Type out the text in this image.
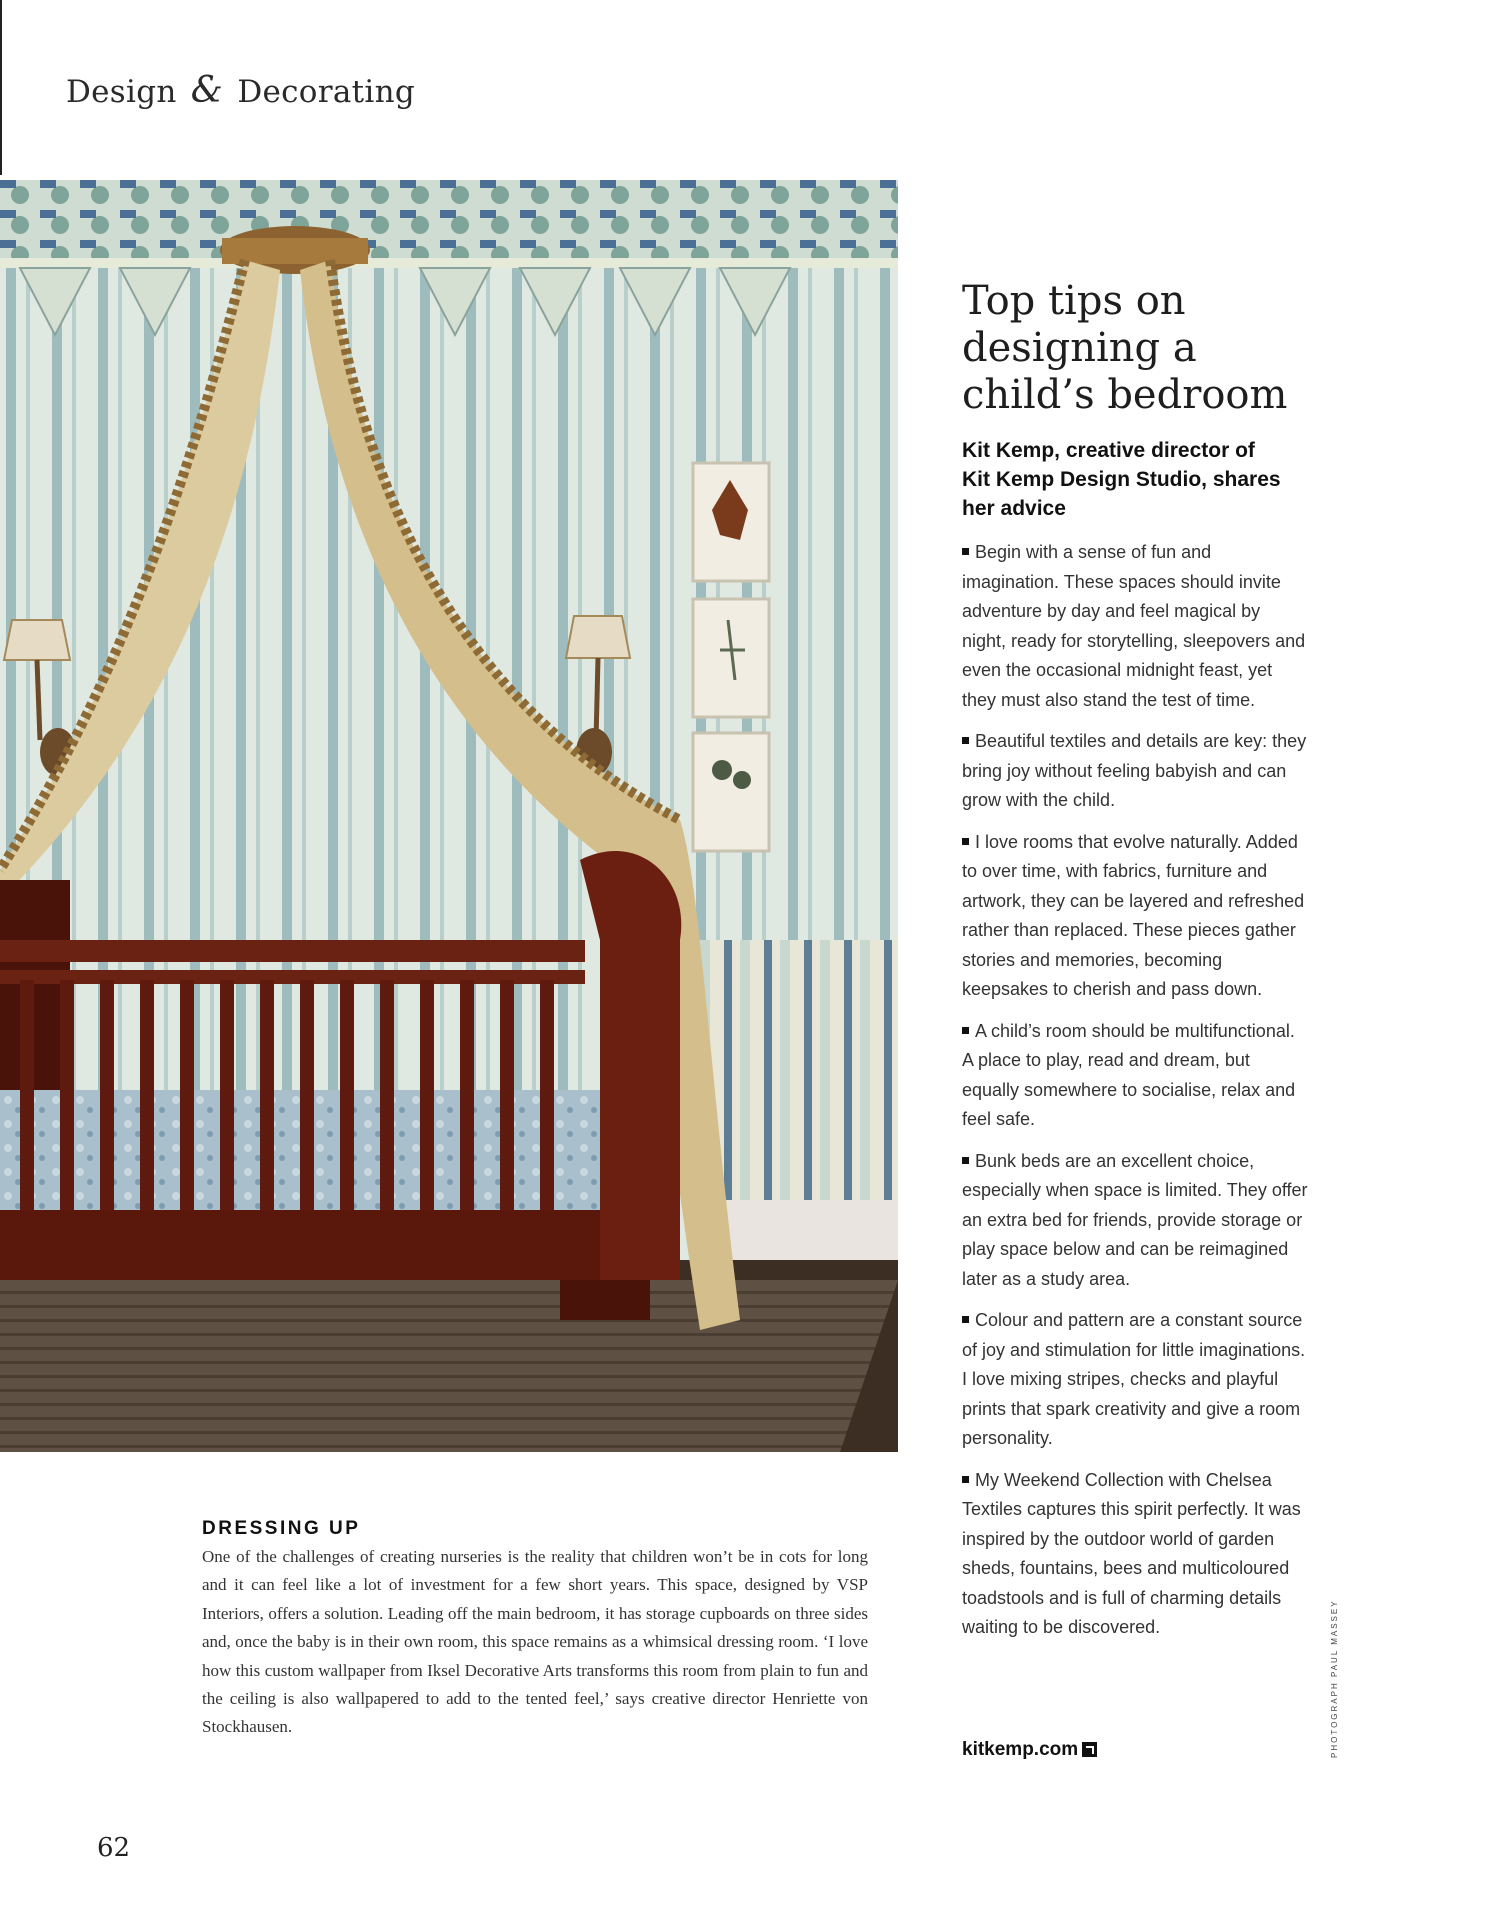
Design & Decorating
Top tips on designing a child’s bedroom
Kit Kemp, creative director of Kit Kemp Design Studio, shares her advice
Begin with a sense of fun and imagination. These spaces should invite adventure by day and feel magical by night, ready for storytelling, sleepovers and even the occasional midnight feast, yet they must also stand the test of time.
Beautiful textiles and details are key: they bring joy without feeling babyish and can grow with the child.
I love rooms that evolve naturally. Added to over time, with fabrics, furniture and artwork, they can be layered and refreshed rather than replaced. These pieces gather stories and memories, becoming keepsakes to cherish and pass down.
A child’s room should be multifunctional. A place to play, read and dream, but equally somewhere to socialise, relax and feel safe.
Bunk beds are an excellent choice, especially when space is limited. They offer an extra bed for friends, provide storage or play space below and can be reimagined later as a study area.
Colour and pattern are a constant source of joy and stimulation for little imaginations. I love mixing stripes, checks and playful prints that spark creativity and give a room personality.
My Weekend Collection with Chelsea Textiles captures this spirit perfectly. It was inspired by the outdoor world of garden sheds, fountains, bees and multicoloured toadstools and is full of charming details waiting to be discovered.
kitkemp.com	PHOTOGRAPH PAUL MASSEY
DRESSING UP
One of the challenges of creating nurseries is the reality that children won’t be in cots for long and it can feel like a lot of investment for a few short years. This space, designed by VSP Interiors, offers a solution. Leading off the main bedroom, it has storage cupboards on three sides and, once the baby is in their own room, this space remains as a whimsical dressing room. ‘I love how this custom wallpaper from Iksel Decorative Arts transforms this room from plain to fun and the ceiling is also wallpapered to add to the tented feel,’ says creative director Henriette von Stockhausen.
62
